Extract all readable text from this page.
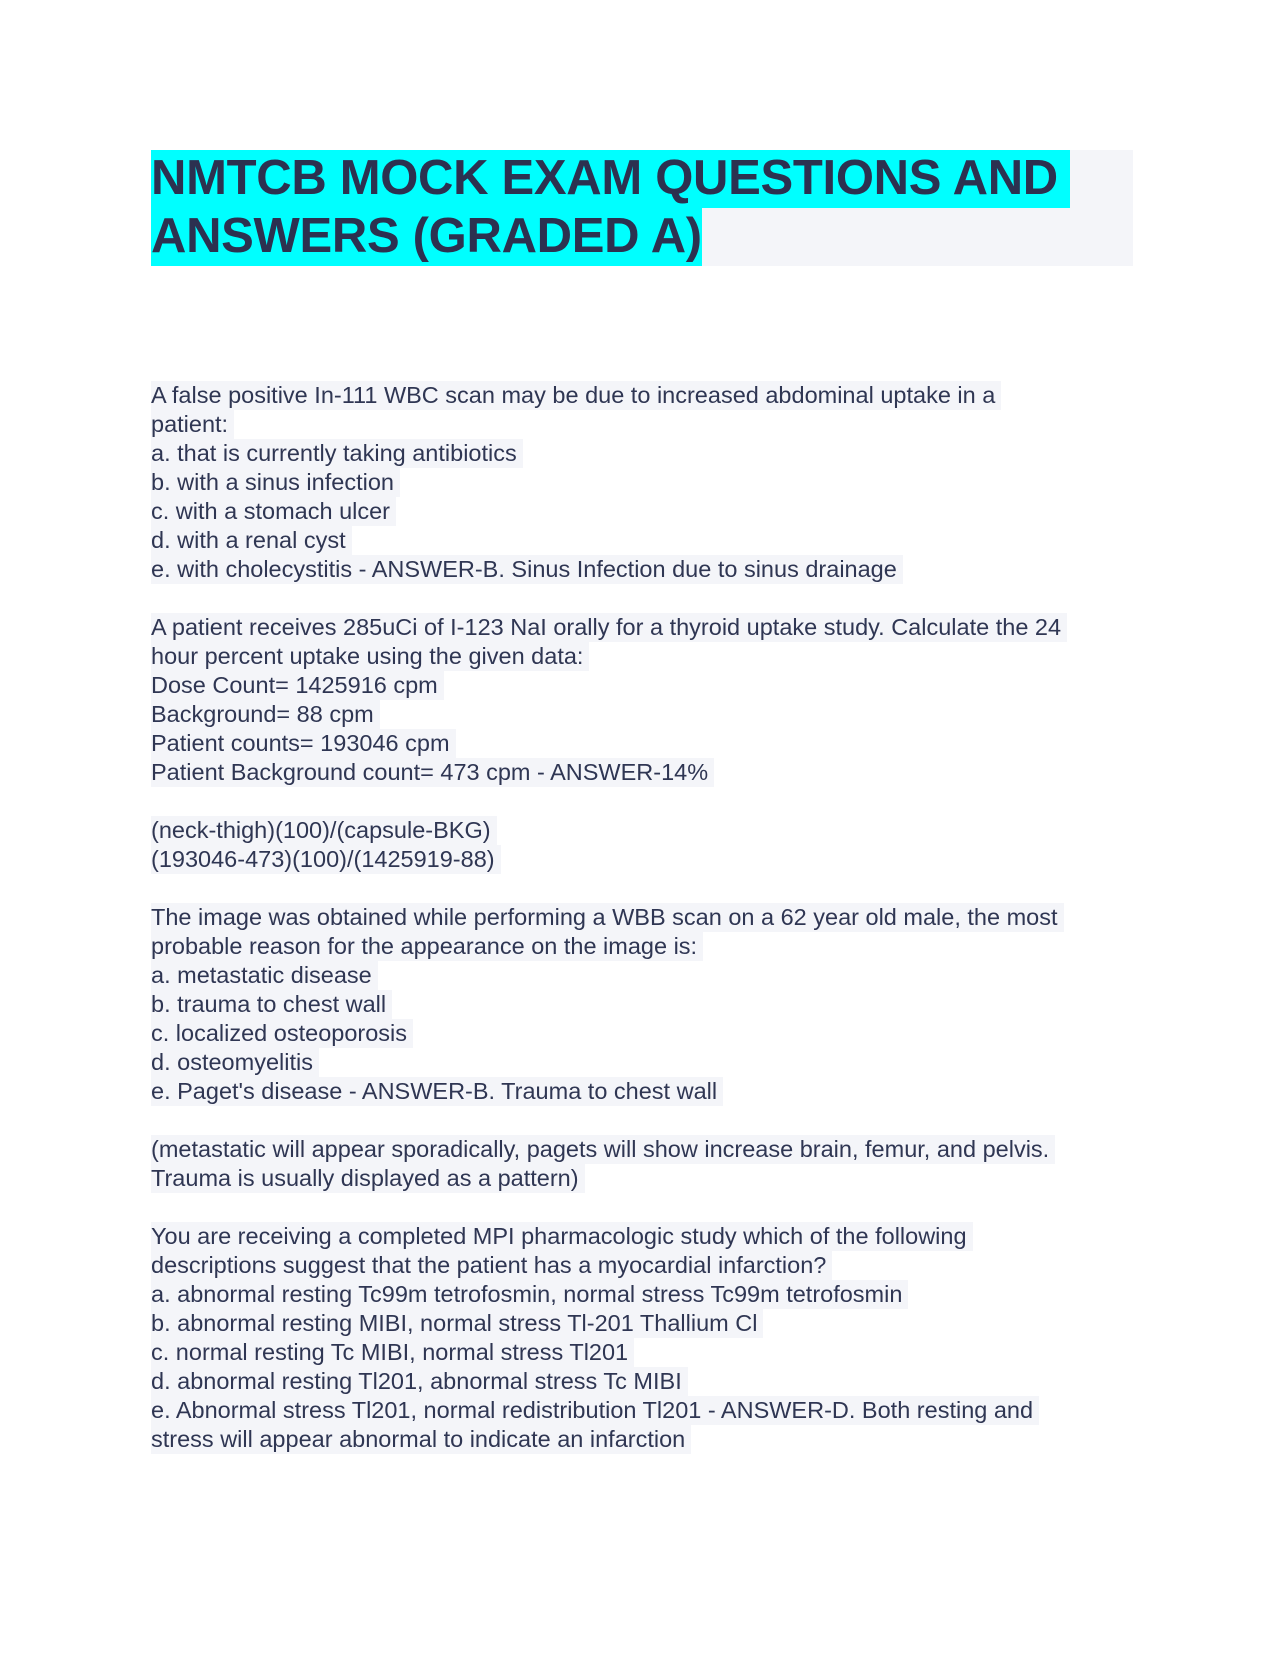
NMTCB MOCK EXAM QUESTIONS AND
ANSWERS (GRADED A)
A false positive In-111 WBC scan may be due to increased abdominal uptake in a
patient:
a. that is currently taking antibiotics
b. with a sinus infection
c. with a stomach ulcer
d. with a renal cyst
e. with cholecystitis - ANSWER-B. Sinus Infection due to sinus drainage
A patient receives 285uCi of I-123 NaI orally for a thyroid uptake study. Calculate the 24
hour percent uptake using the given data:
Dose Count= 1425916 cpm
Background= 88 cpm
Patient counts= 193046 cpm
Patient Background count= 473 cpm - ANSWER-14%
(neck-thigh)(100)/(capsule-BKG)
(193046-473)(100)/(1425919-88)
The image was obtained while performing a WBB scan on a 62 year old male, the most
probable reason for the appearance on the image is:
a. metastatic disease
b. trauma to chest wall
c. localized osteoporosis
d. osteomyelitis
e. Paget's disease - ANSWER-B. Trauma to chest wall
(metastatic will appear sporadically, pagets will show increase brain, femur, and pelvis.
Trauma is usually displayed as a pattern)
You are receiving a completed MPI pharmacologic study which of the following
descriptions suggest that the patient has a myocardial infarction?
a. abnormal resting Tc99m tetrofosmin, normal stress Tc99m tetrofosmin
b. abnormal resting MIBI, normal stress Tl-201 Thallium Cl
c. normal resting Tc MIBI, normal stress Tl201
d. abnormal resting Tl201, abnormal stress Tc MIBI
e. Abnormal stress Tl201, normal redistribution Tl201 - ANSWER-D. Both resting and
stress will appear abnormal to indicate an infarction
